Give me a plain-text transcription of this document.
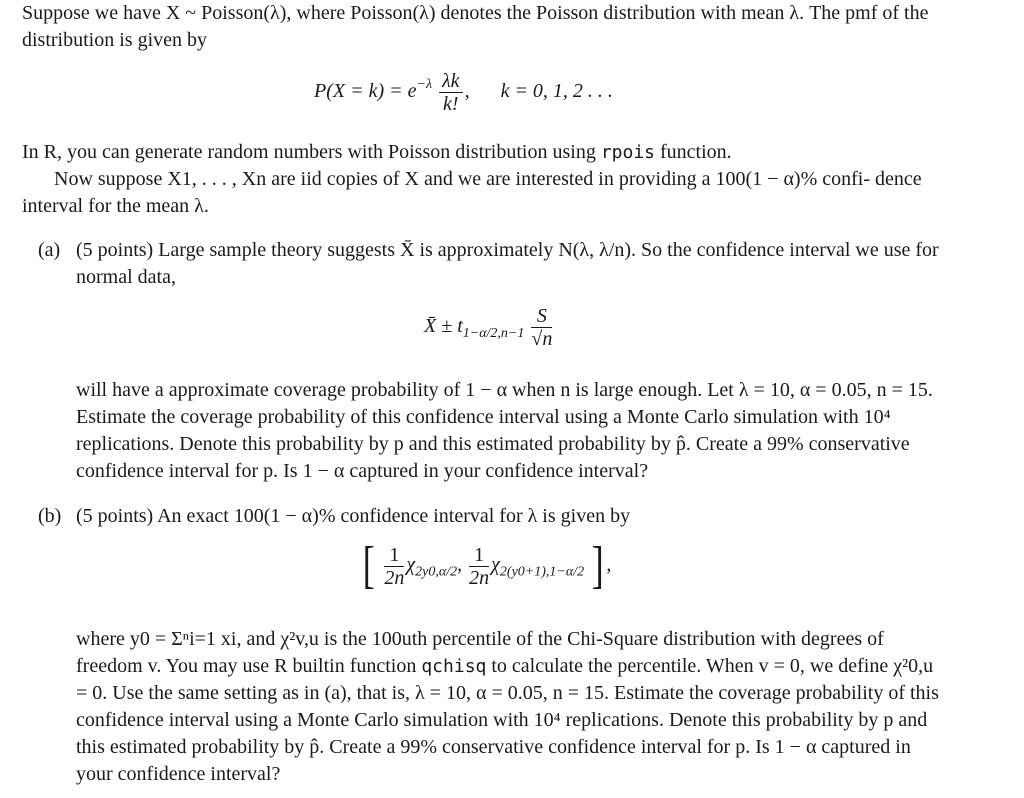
Suppose we have X ~ Poisson(λ), where Poisson(λ) denotes the Poisson distribution with mean λ. The pmf of the distribution is given by

$P(X = k) = e^{-\lambda} \frac{\lambda k}{k!}$ , k = 0, 1, 2 . . .

In R, you can generate random numbers with Poisson distribution using rpois function.

Now suppose X1, . . . , Xn are iid copies of X and we are interested in providing a 100(1 − α)% confi- dence interval for the mean λ.

(a) (5 points) Large sample theory suggests X̄ is approximately N(λ, λ/n). So the confidence interval we use for normal data,

X̄ ± $t_{1-\alpha/2,n-1} \frac{S}{√n}$

will have a approximate coverage probability of 1 − α when n is large enough. Let λ = 10, α = 0.05, n = 15. Estimate the coverage probability of this confidence interval using a Monte Carlo simulation with 10⁴ replications. Denote this probability by p and this estimated probability by p̂. Create a 99% conservative confidence interval for p. Is 1 − α captured in your confidence interval?

(b) (5 points) An exact 100(1 − α)% confidence interval for λ is given by

[ $\frac{1}{2n} \chi_{2y0,\alpha/2}$, $\frac{1}{2n} \chi_{2(y0+1),1-\alpha/2}$ ] ,

where y0 = Σⁿi=1 xi, and χ²v,u is the 100uth percentile of the Chi-Square distribution with degrees of freedom v. You may use R builtin function qchisq to calculate the percentile. When v = 0, we define χ²0,u = 0. Use the same setting as in (a), that is, λ = 10, α = 0.05, n = 15. Estimate the coverage probability of this confidence interval using a Monte Carlo simulation with 10⁴ replications. Denote this probability by p and this estimated probability by p̂. Create a 99% conservative confidence interval for p. Is 1 − α captured in your confidence interval?
